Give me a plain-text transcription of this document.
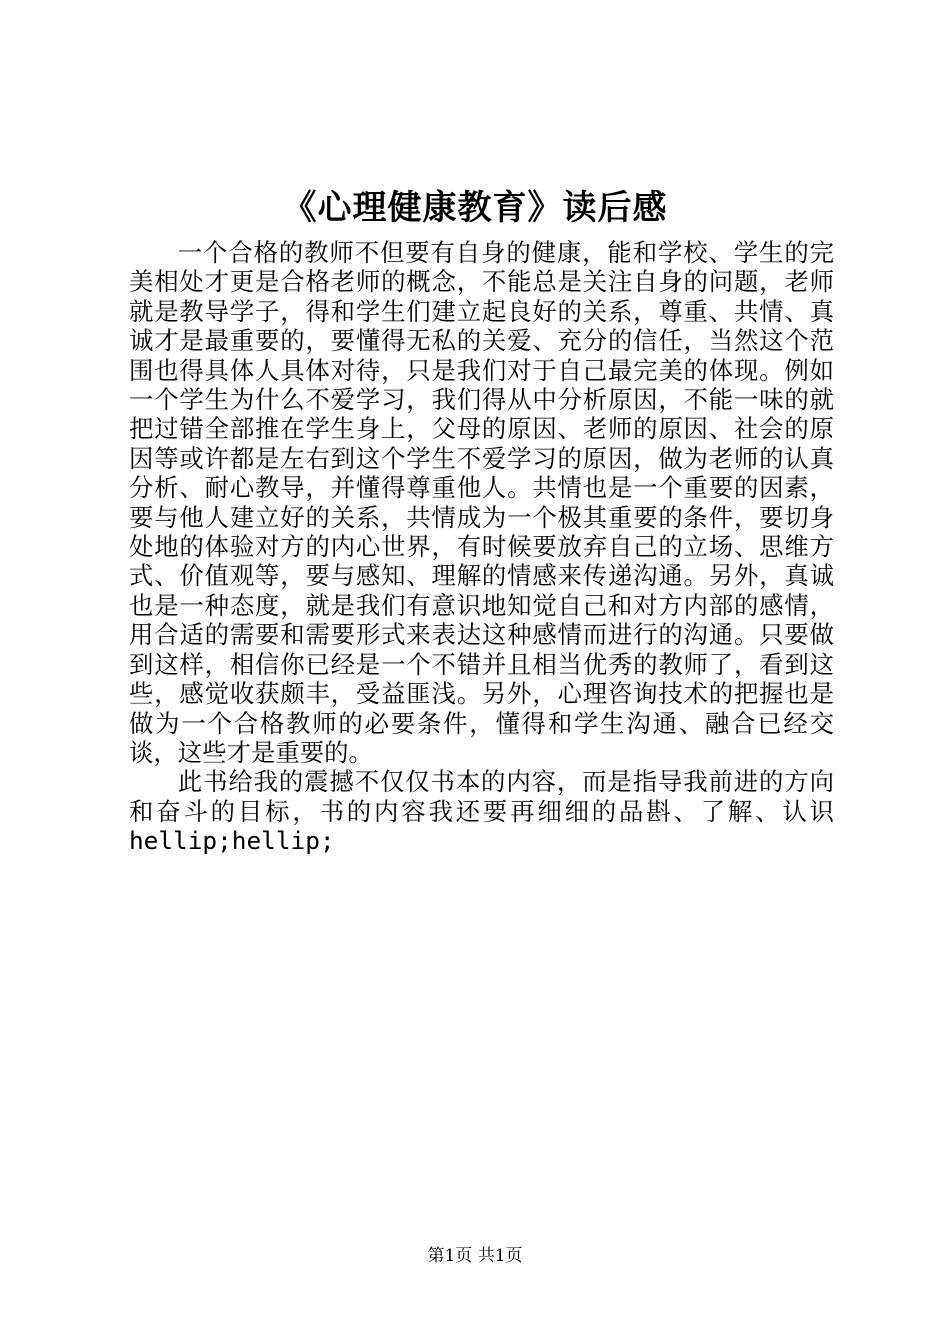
《心理健康教育》读后感

一个合格的教师不但要有自身的健康，能和学校、学生的完美相处才更是合格老师的概念，不能总是关注自身的问题，老师就是教导学子，得和学生们建立起良好的关系，尊重、共情、真诚才是最重要的，要懂得无私的关爱、充分的信任，当然这个范围也得具体人具体对待，只是我们对于自己最完美的体现。例如一个学生为什么不爱学习，我们得从中分析原因，不能一味的就把过错全部推在学生身上，父母的原因、老师的原因、社会的原因等或许都是左右到这个学生不爱学习的原因，做为老师的认真分析、耐心教导，并懂得尊重他人。共情也是一个重要的因素，要与他人建立好的关系，共情成为一个极其重要的条件，要切身处地的体验对方的内心世界，有时候要放弃自己的立场、思维方式、价值观等，要与感知、理解的情感来传递沟通。另外，真诚也是一种态度，就是我们有意识地知觉自己和对方内部的感情，用合适的需要和需要形式来表达这种感情而进行的沟通。只要做到这样，相信你已经是一个不错并且相当优秀的教师了，看到这些，感觉收获颇丰，受益匪浅。另外，心理咨询技术的把握也是做为一个合格教师的必要条件，懂得和学生沟通、融合已经交谈，这些才是重要的。

此书给我的震撼不仅仅书本的内容，而是指导我前进的方向和奋斗的目标，书的内容我还要再细细的品斟、了解、认识hellip;hellip;

第1页 共1页
